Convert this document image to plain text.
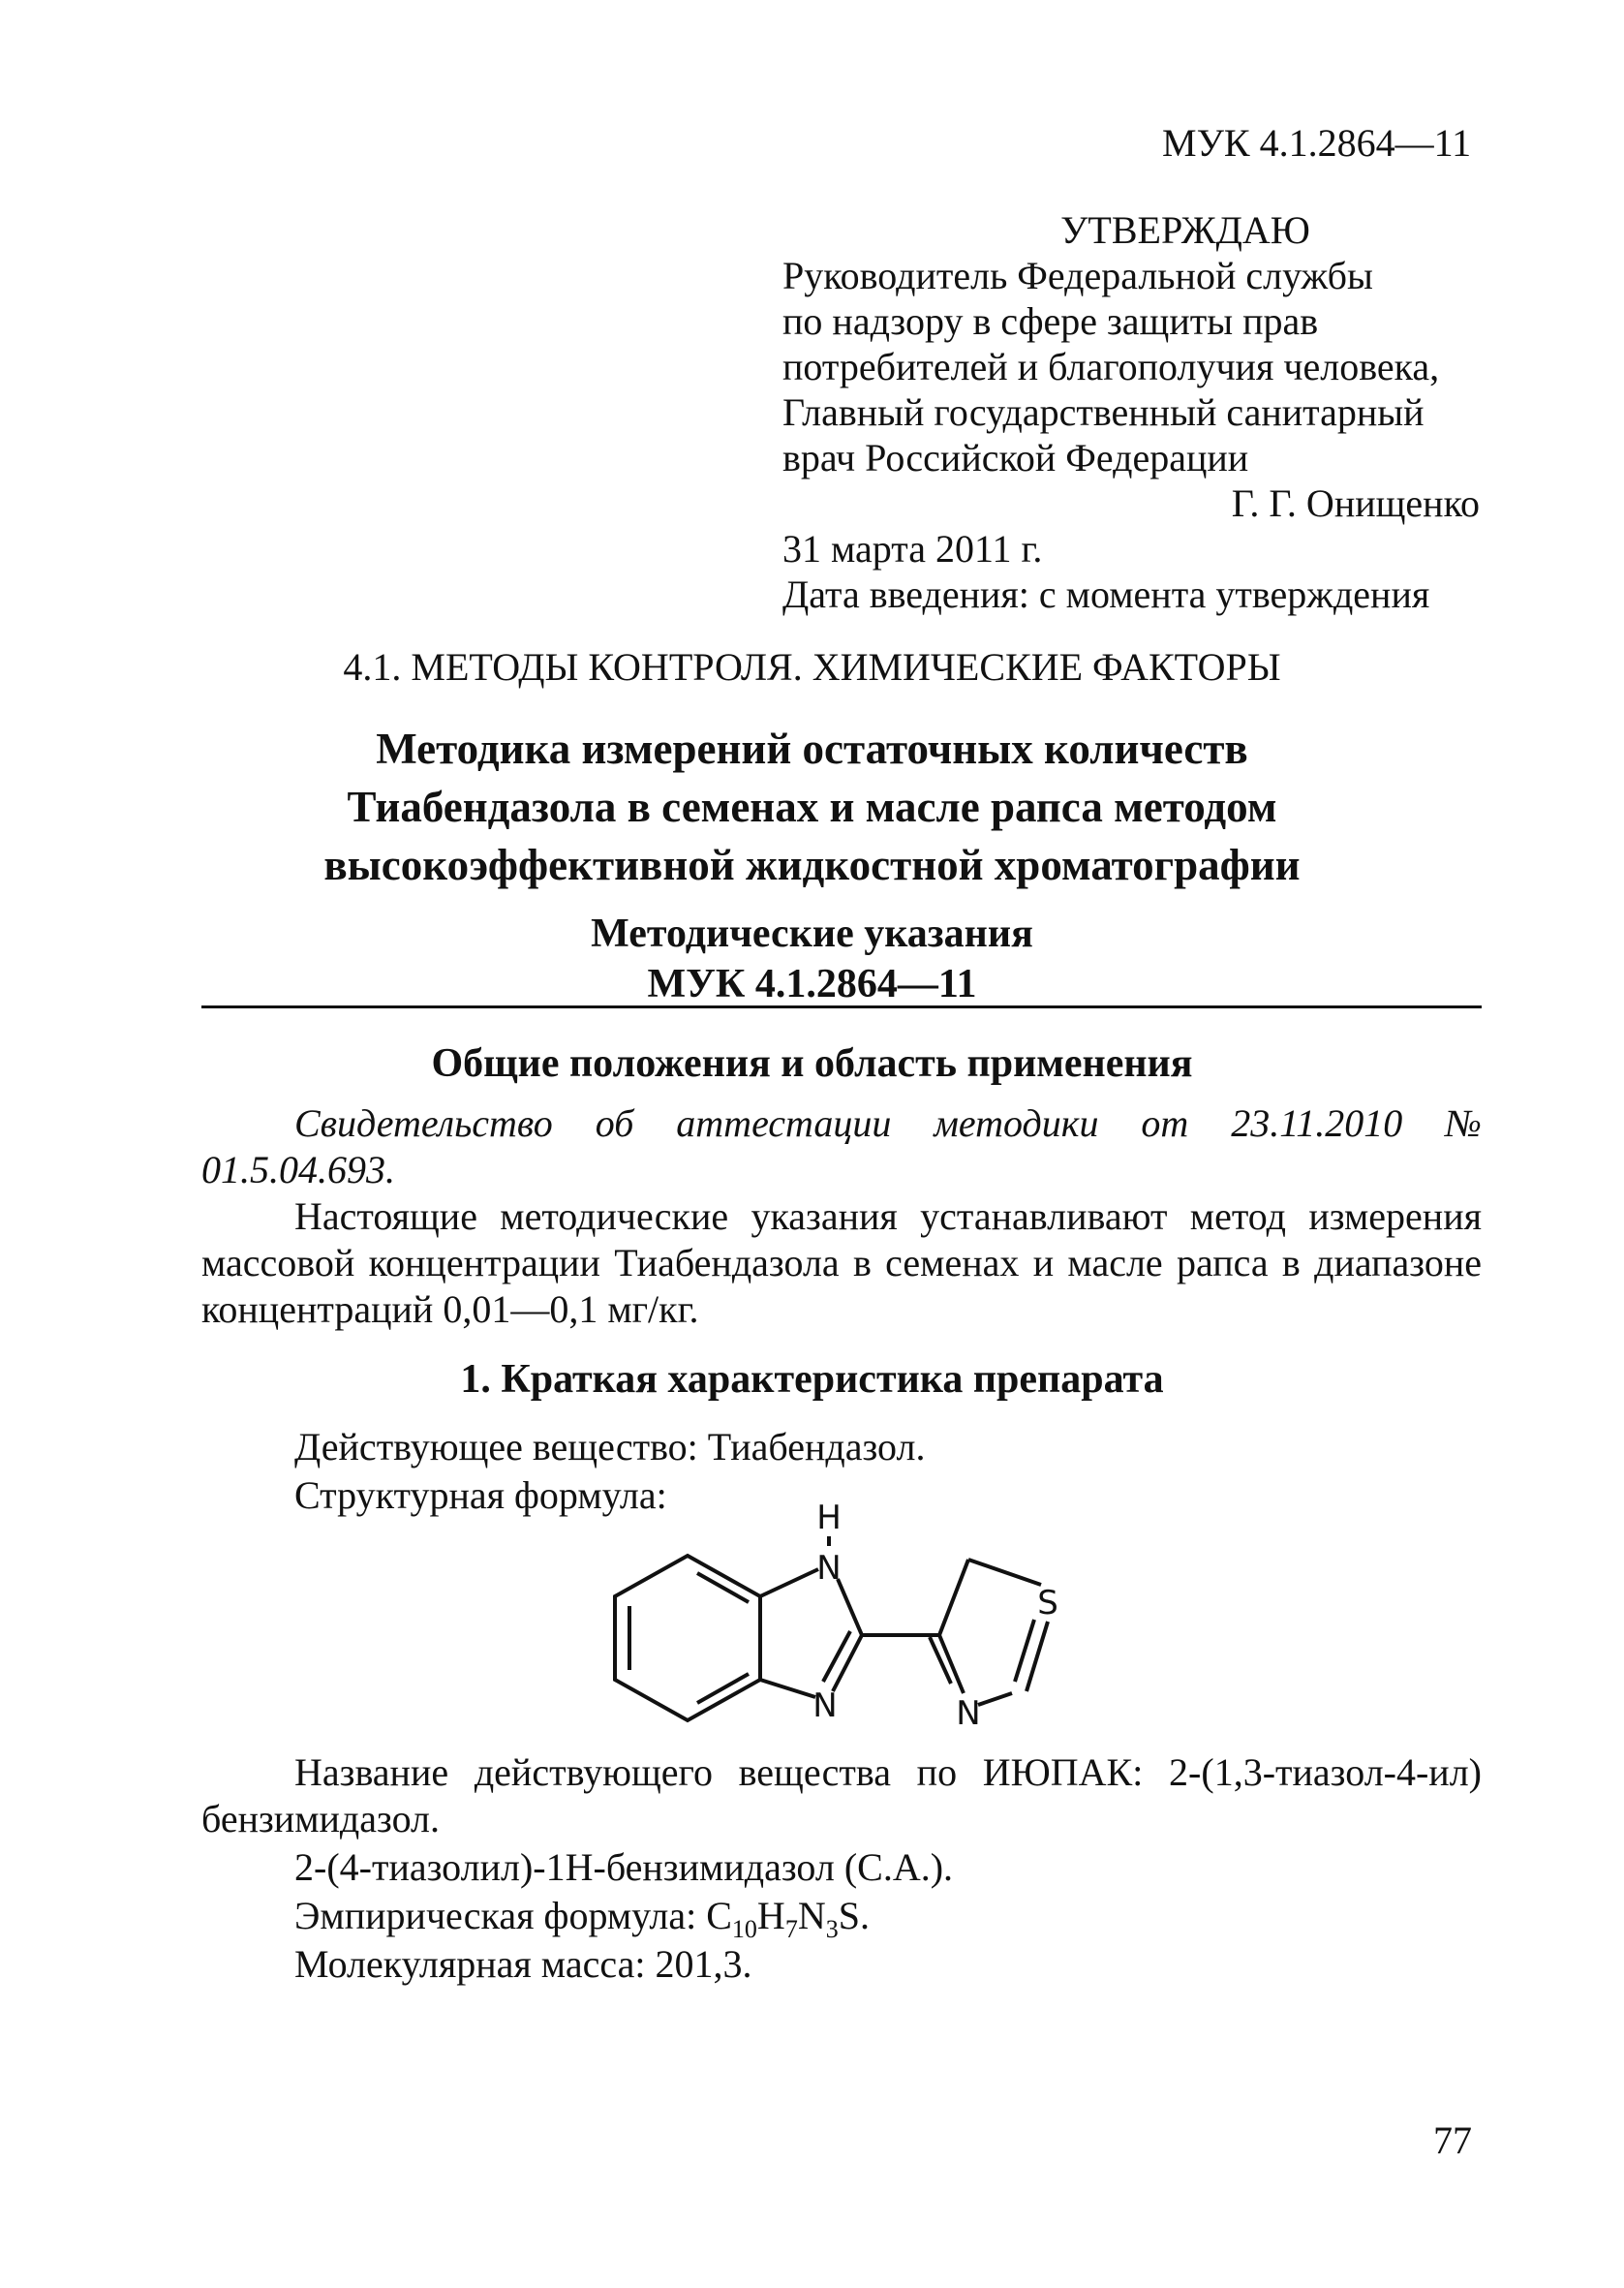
МУК 4.1.2864—11
УТВЕРЖДАЮ
Руководитель Федеральной службы
по надзору в сфере защиты прав
потребителей и благополучия человека,
Главный государственный санитарный
врач Российской Федерации
Г. Г. Онищенко
31 марта 2011 г.
Дата введения: с момента утверждения
4.1. МЕТОДЫ КОНТРОЛЯ. ХИМИЧЕСКИЕ ФАКТОРЫ
Методика измерений остаточных количеств
Тиабендазола в семенах и масле рапса методом
высокоэффективной жидкостной хроматографии
Методические указания
МУК 4.1.2864—11
Общие положения и область применения
Свидетельство об аттестации методики от 23.11.2010 № 01.5.04.693.
Настоящие методические указания устанавливают метод измерения массовой концентрации Тиабендазола в семенах и масле рапса в диапазоне концентраций 0,01—0,1 мг/кг.
1. Краткая характеристика препарата
Действующее вещество: Тиабендазол.
Структурная формула:
H
N
N	N
S
Название действующего вещества по ИЮПАК: 2-(1,3-тиазол-4-ил) бензимидазол.
2-(4-тиазолил)-1Н-бензимидазол (С.А.).
Эмпирическая формула: $C_{10}H_7N_3S$.
Молекулярная масса: 201,3.
77
